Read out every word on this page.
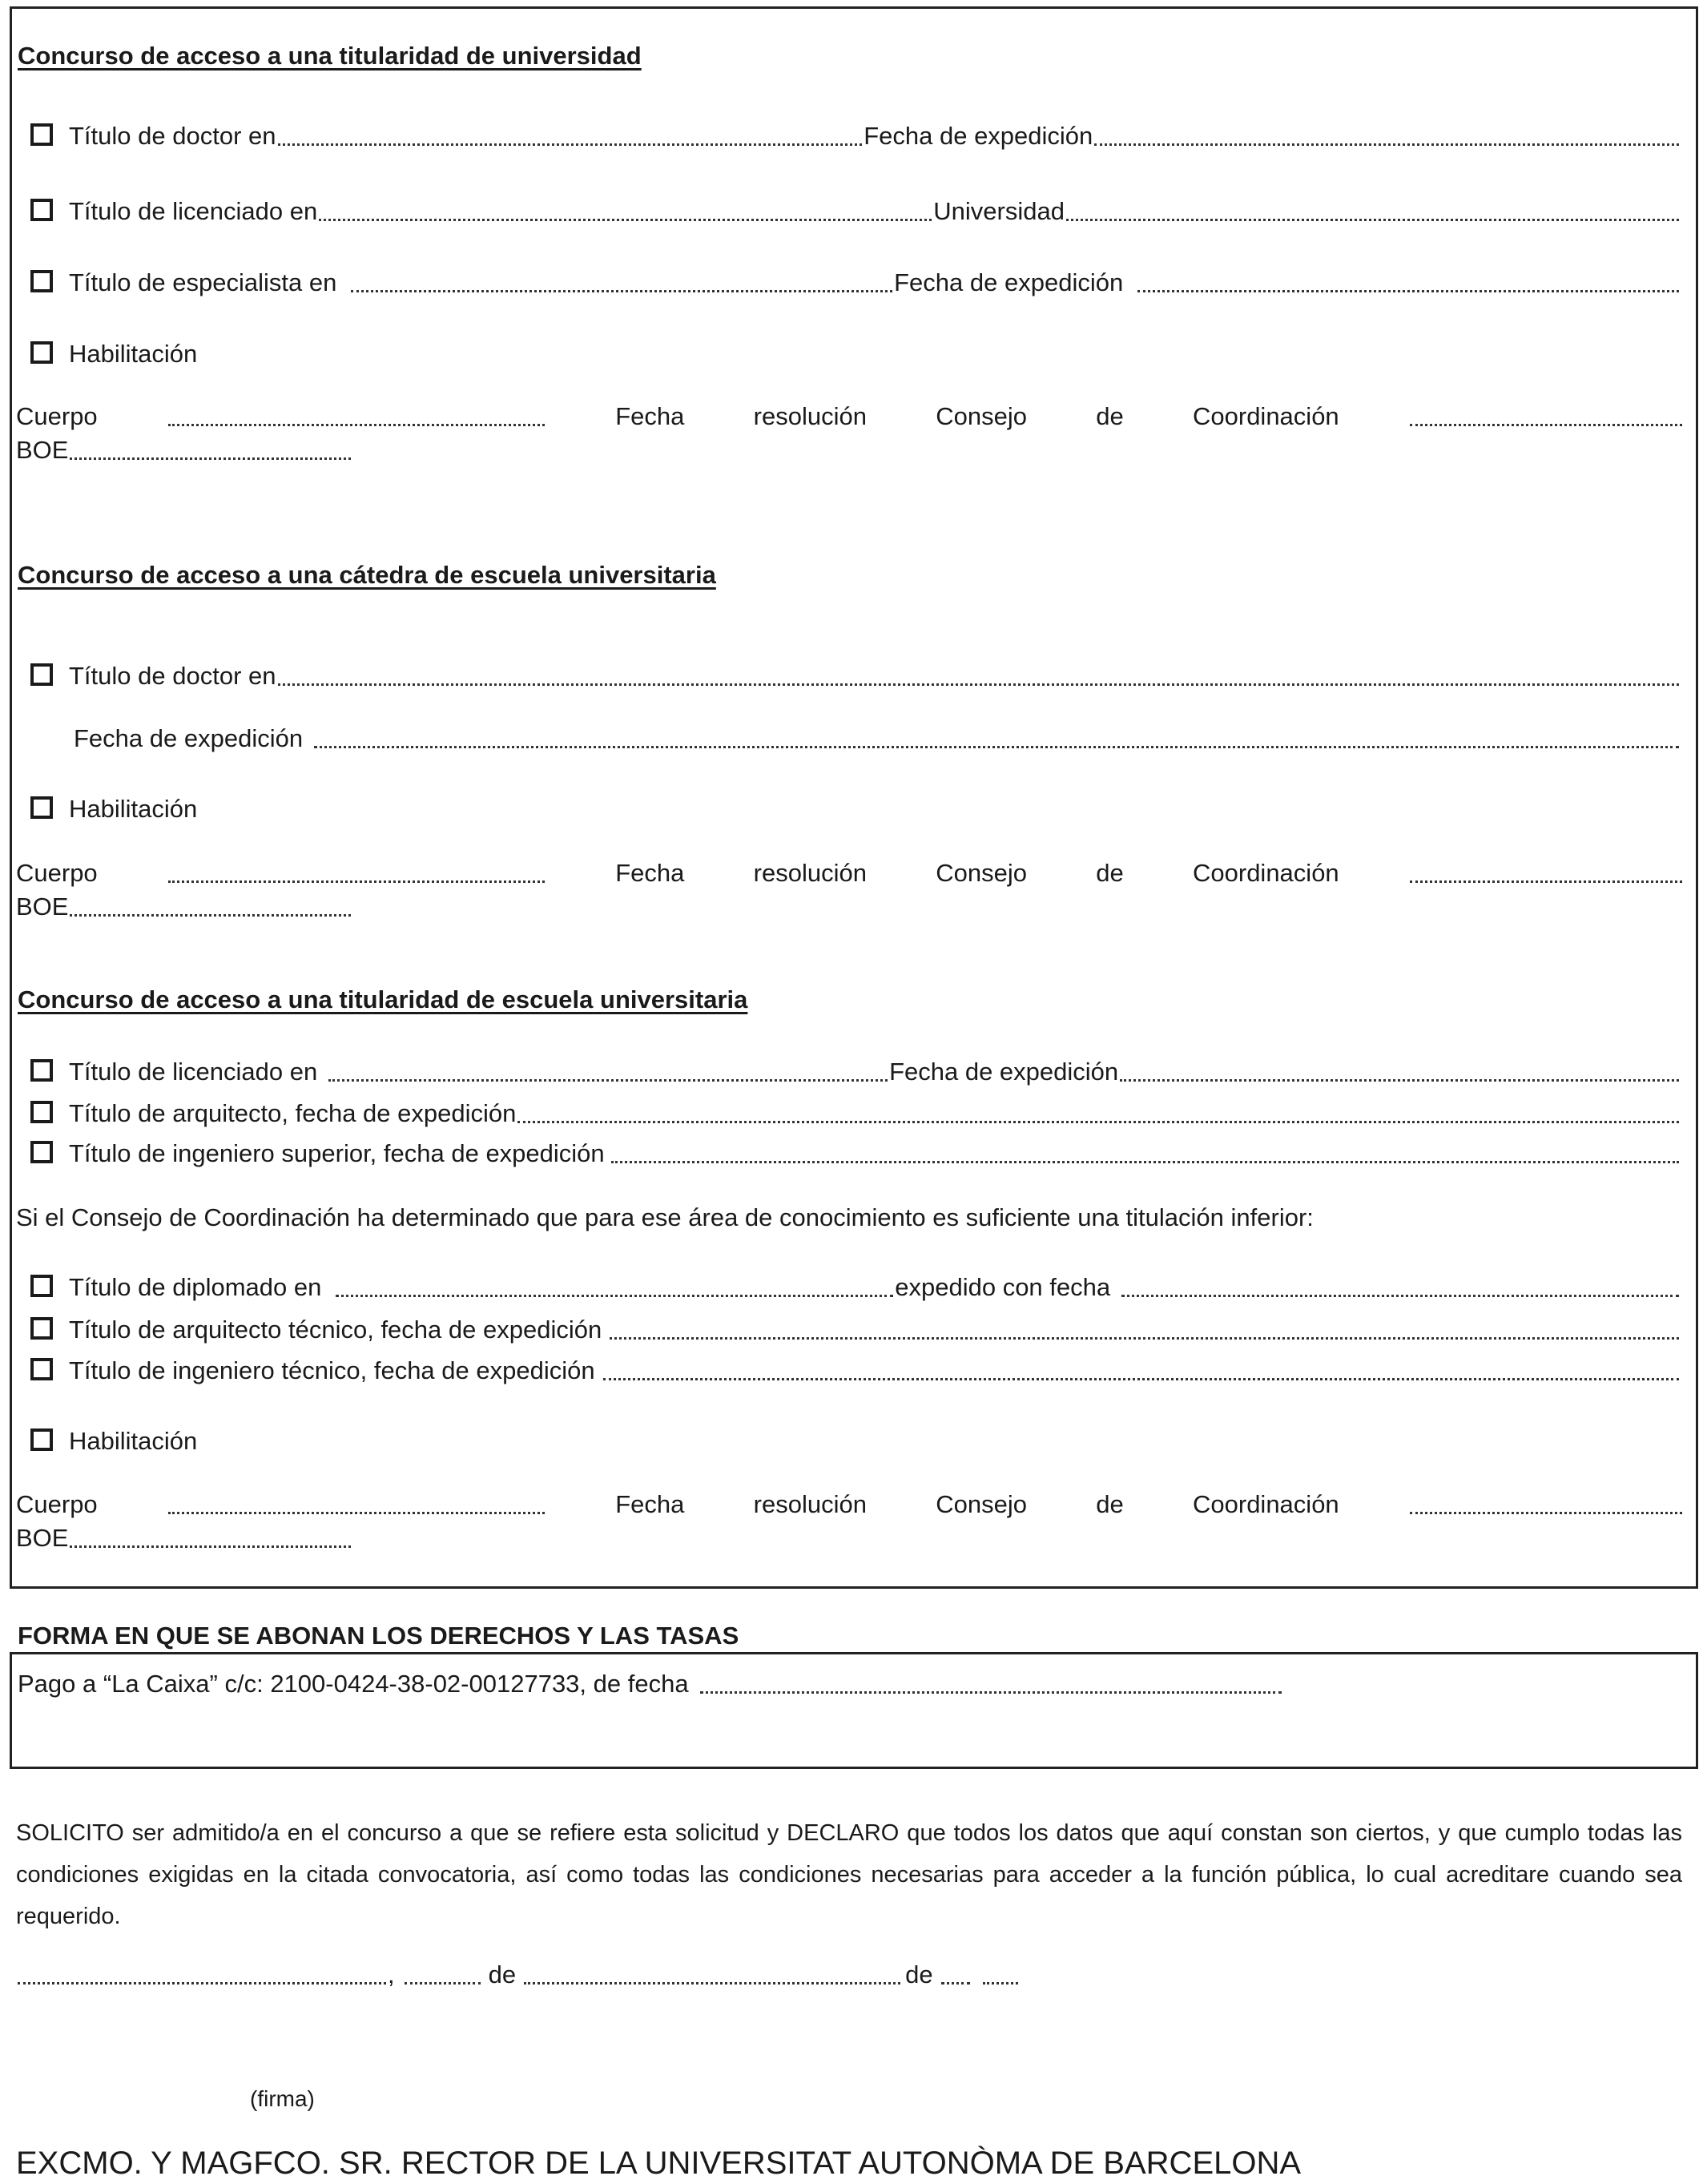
Concurso de acceso a una titularidad de universidad
Título de doctor en	Fecha de expedición
Título de licenciado en	Universidad
Título de especialista en	Fecha de expedición
Habilitación
Cuerpo	Fecha	resolución	Consejo	de	Coordinación
BOE
Concurso de acceso a una cátedra de escuela universitaria
Título de doctor en
Fecha de expedición
Habilitación
Cuerpo	Fecha	resolución	Consejo	de	Coordinación
BOE
Concurso de acceso a una titularidad de escuela universitaria
Título de licenciado en	Fecha de expedición
Título de arquitecto, fecha de expedición
Título de ingeniero superior, fecha de expedición
Si el Consejo de Coordinación ha determinado que para ese área de conocimiento es suficiente una titulación inferior:
Título de diplomado en	expedido con fecha
Título de arquitecto técnico, fecha de expedición
Título de ingeniero técnico, fecha de expedición
Habilitación
Cuerpo	Fecha	resolución	Consejo	de	Coordinación
BOE
FORMA EN QUE SE ABONAN LOS DERECHOS Y LAS TASAS
Pago a “La Caixa” c/c: 2100-0424-38-02-00127733, de fecha
SOLICITO ser admitido/a en el concurso a que se refiere esta solicitud y DECLARO que todos los datos que aquí constan son ciertos, y que cumplo todas las condiciones exigidas en la citada convocatoria, así como todas las condiciones necesarias para acceder a la función pública, lo cual acreditare cuando sea requerido.
,	de	de
(firma)
EXCMO. Y MAGFCO. SR. RECTOR DE LA UNIVERSITAT AUTONÒMA DE BARCELONA
